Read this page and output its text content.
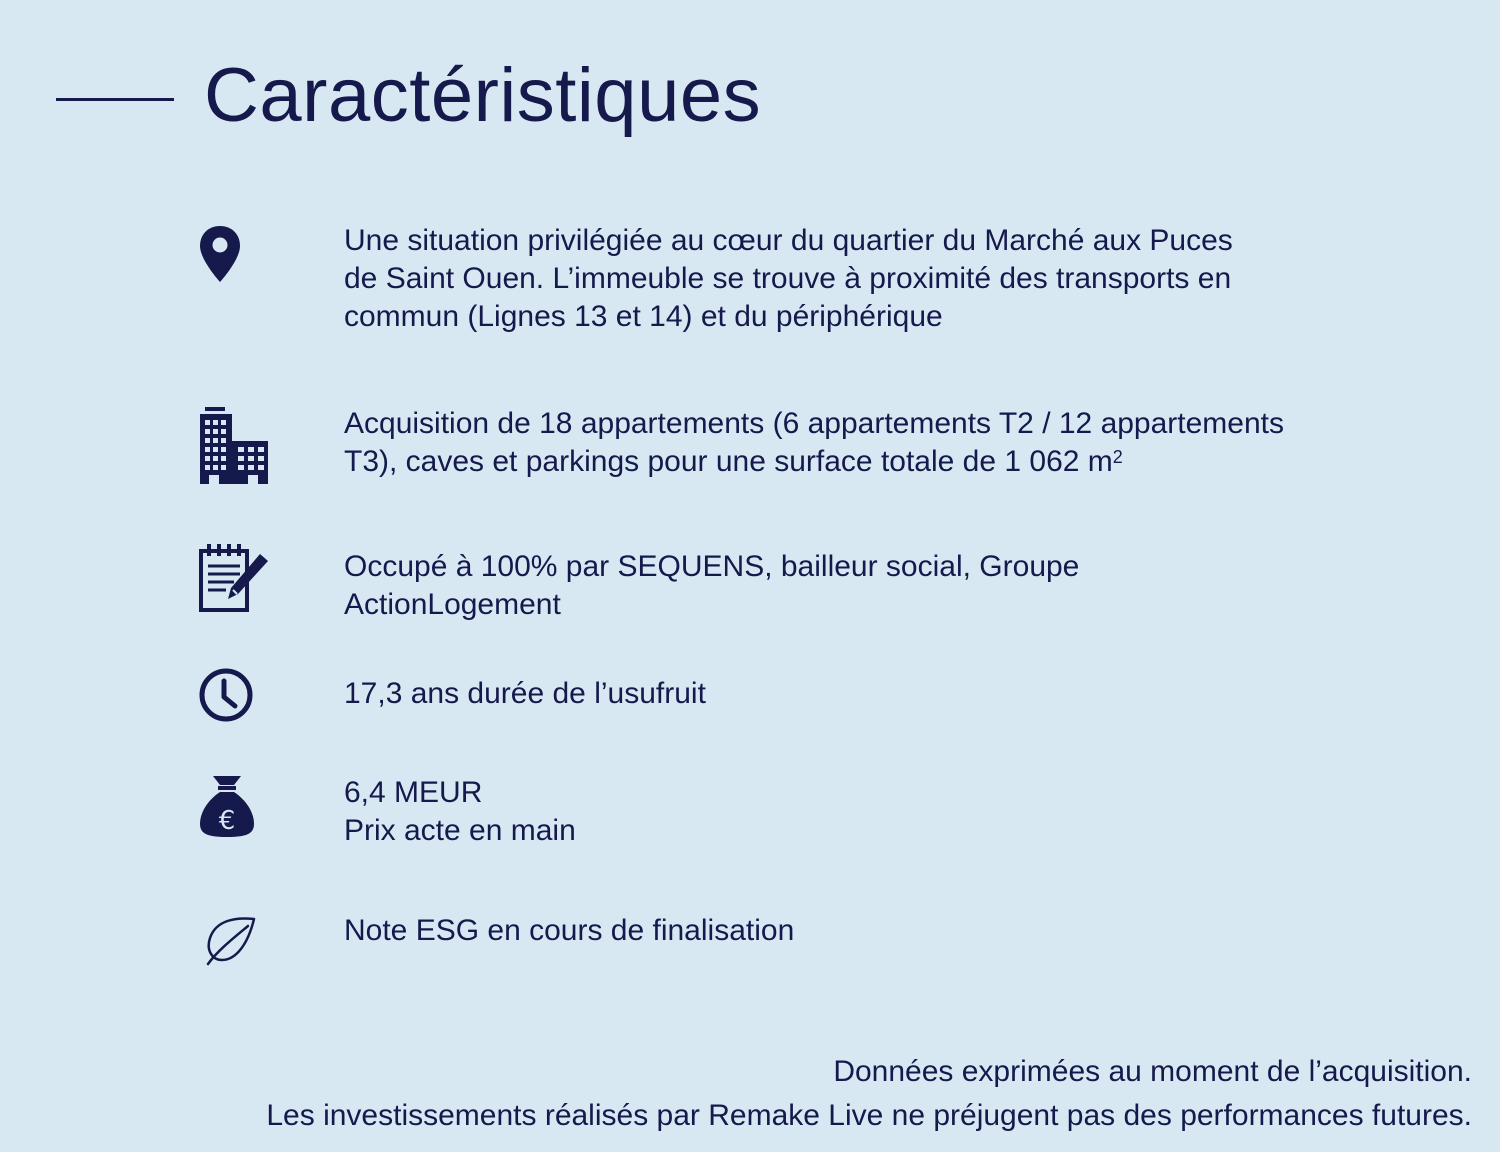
Caractéristiques

Une situation privilégiée au cœur du quartier du Marché aux Puces
de Saint Ouen. L’immeuble se trouve à proximité des transports en
commun (Lignes 13 et 14) et du périphérique

Acquisition de 18 appartements (6 appartements T2 / 12 appartements
T3), caves et parkings pour une surface totale de 1 062 $m^2$

Occupé à 100% par SEQUENS, bailleur social, Groupe
ActionLogement

17,3 ans durée de l’usufruit

€

6,4 MEUR
Prix acte en main

Note ESG en cours de finalisation

Données exprimées au moment de l’acquisition.

Les investissements réalisés par Remake Live ne préjugent pas des performances futures.
